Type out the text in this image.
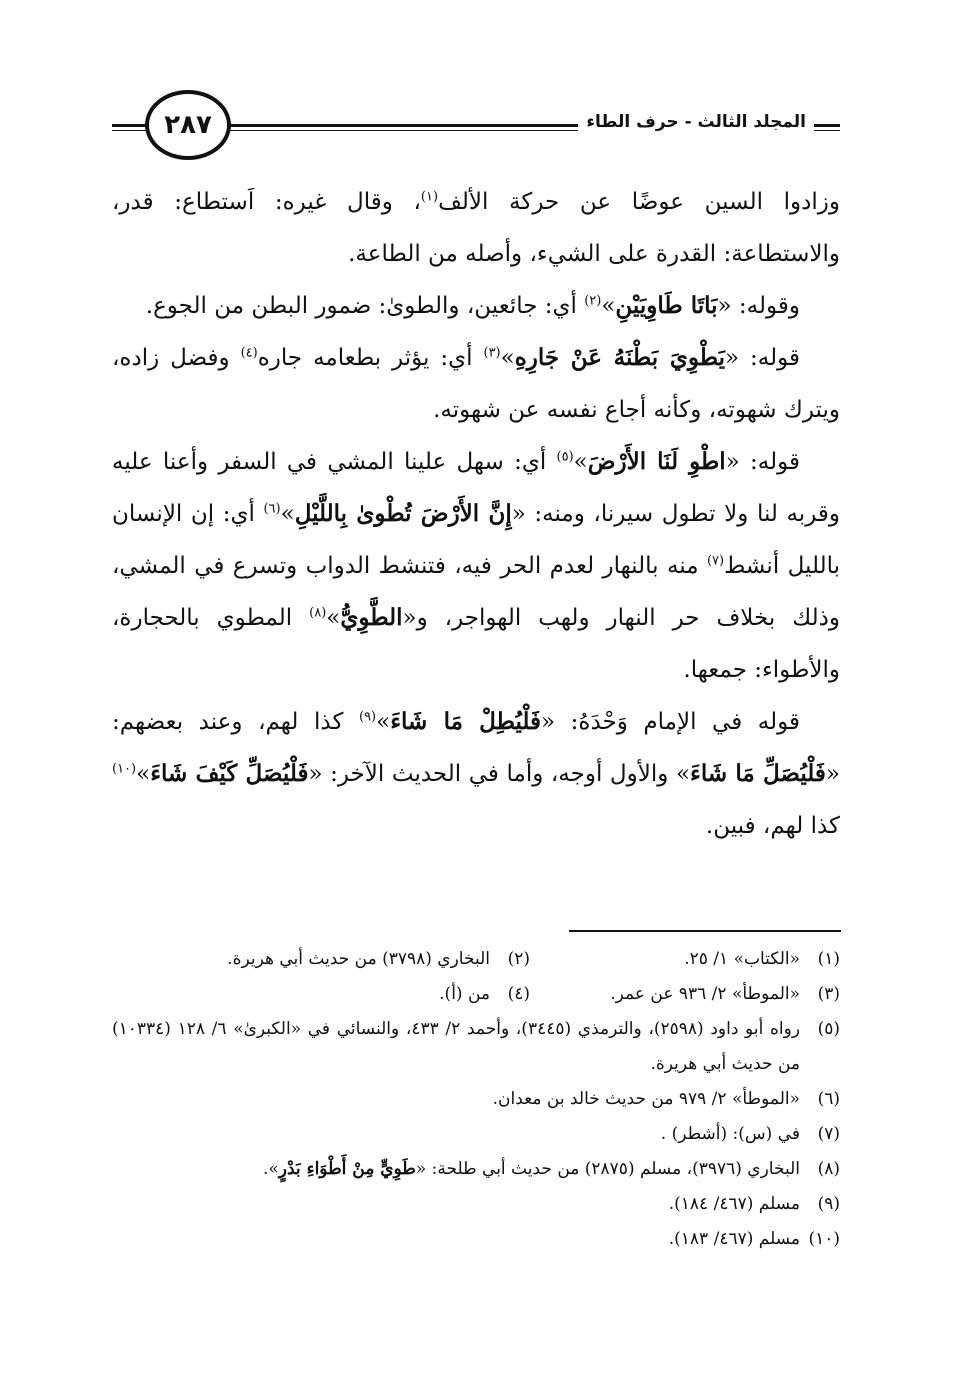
٢٨٧	المجلد الثالث - حرف الطاء

وزادوا السين عوضًا عن حركة الألف$^{(١)}$، وقال غيره: اَستطاع: قدر، والاستطاعة: القدرة على الشيء، وأصله من الطاعة.

وقوله: «بَاتَا طَاوِيَيْنِ»$^{(٢)}$ أي: جائعين، والطوىٰ: ضمور البطن من الجوع.

قوله: «يَطْوِيَ بَطْنَهُ عَنْ جَارِهِ»$^{(٣)}$ أي: يؤثر بطعامه جاره$^{(٤)}$ وفضل زاده، ويترك شهوته، وكأنه أجاع نفسه عن شهوته.

قوله: «اطْوِ لَنَا الأَرْضَ»$^{(٥)}$ أي: سهل علينا المشي في السفر وأعنا عليه وقربه لنا ولا تطول سيرنا، ومنه: «إِنَّ الأَرْضَ تُطْوىٰ بِاللَّيْلِ»$^{(٦)}$ أي: إن الإنسان بالليل أنشط$^{(٧)}$ منه بالنهار لعدم الحر فيه، فتنشط الدواب وتسرع في المشي، وذلك بخلاف حر النهار ولهب الهواجر، و«الطَّوِيُّ»$^{(٨)}$ المطوي بالحجارة، والأطواء: جمعها.

قوله في الإمام وَحْدَهُ: «فَلْيُطِلْ مَا شَاءَ»$^{(٩)}$ كذا لهم، وعند بعضهم: «فَلْيُصَلِّ مَا شَاءَ» والأول أوجه، وأما في الحديث الآخر: «فَلْيُصَلِّ كَيْفَ شَاءَ»$^{(١٠)}$ كذا لهم، فبين.

(١)
«الكتاب» ١/ ٢٥.
(٢)
البخاري (٣٧٩٨) من حديث أبي هريرة.
(٣)
«الموطأ» ٢/ ٩٣٦ عن عمر.
(٤)
من (أ).
(٥)
رواه أبو داود (٢٥٩٨)، والترمذي (٣٤٤٥)، وأحمد ٢/ ٤٣٣، والنسائي في «الكبرىٰ» ٦/ ١٢٨ (١٠٣٣٤) من حديث أبي هريرة.
(٦)
«الموطأ» ٢/ ٩٧٩ من حديث خالد بن معدان.
(٧)
في (س): (أشطر) .
(٨)
البخاري (٣٩٧٦)، مسلم (٢٨٧٥) من حديث أبي طلحة: «طَوِيٍّ مِنْ أَطْوَاءِ بَدْرٍ».
(٩)
مسلم (٤٦٧/ ١٨٤).
(١٠)
مسلم (٤٦٧/ ١٨٣).
